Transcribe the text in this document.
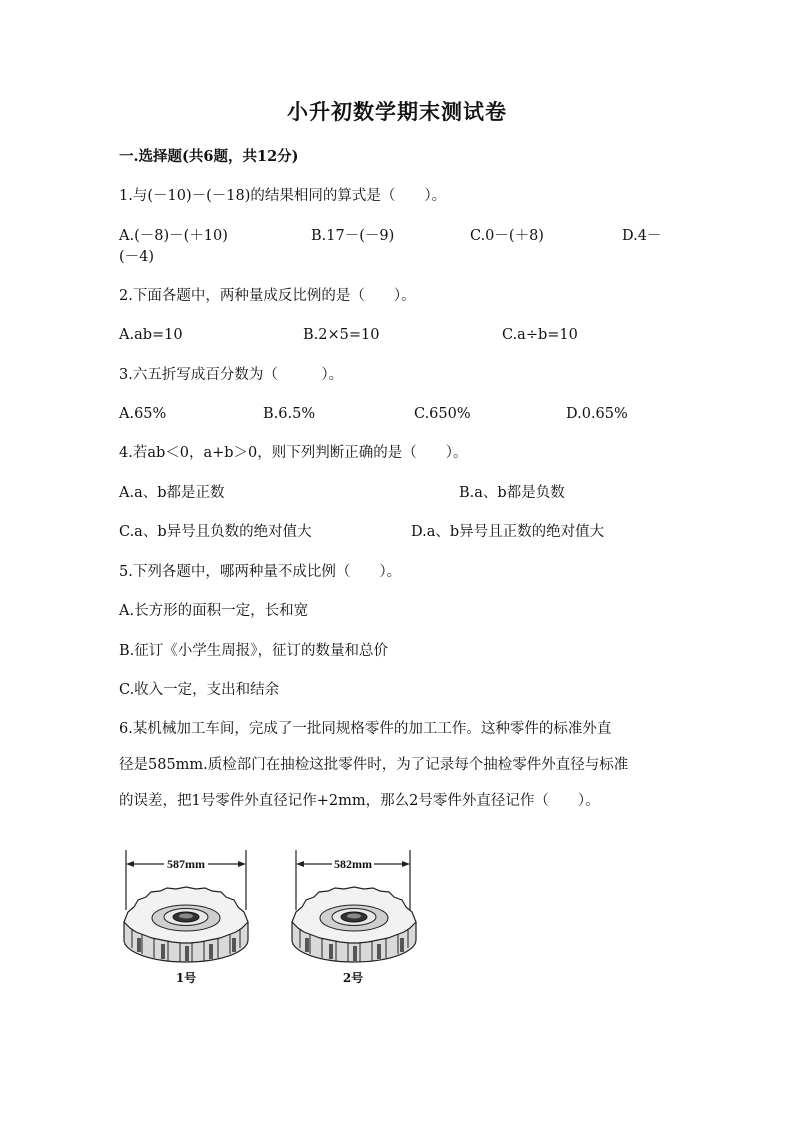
小升初数学期末测试卷
一.选择题(共6题，共12分)
1.与(－10)－(－18)的结果相同的算式是（　　）。
A.(－8)－(＋10)	B.17－(－9)	C.0－(＋8)	D.4－
(－4)
2.下面各题中，两种量成反比例的是（　　）。
A.ab=10	B.2×5=10	C.a÷b=10
3.六五折写成百分数为（　　　）。
A.65%	B.6.5%	C.650%	D.0.65%
4.若ab＜0，a+b＞0，则下列判断正确的是（　　）。
A.a、b都是正数	B.a、b都是负数
C.a、b异号且负数的绝对值大	D.a、b异号且正数的绝对值大
5.下列各题中，哪两种量不成比例（　　）。
A.长方形的面积一定，长和宽
B.征订《小学生周报》，征订的数量和总价
C.收入一定，支出和结余
6.某机械加工车间，完成了一批同规格零件的加工工作。这种零件的标准外直
径是585mm.质检部门在抽检这批零件时，为了记录每个抽检零件外直径与标准
的误差，把1号零件外直径记作+2mm，那么2号零件外直径记作（　　）。
587mm
1号
582mm
2号
